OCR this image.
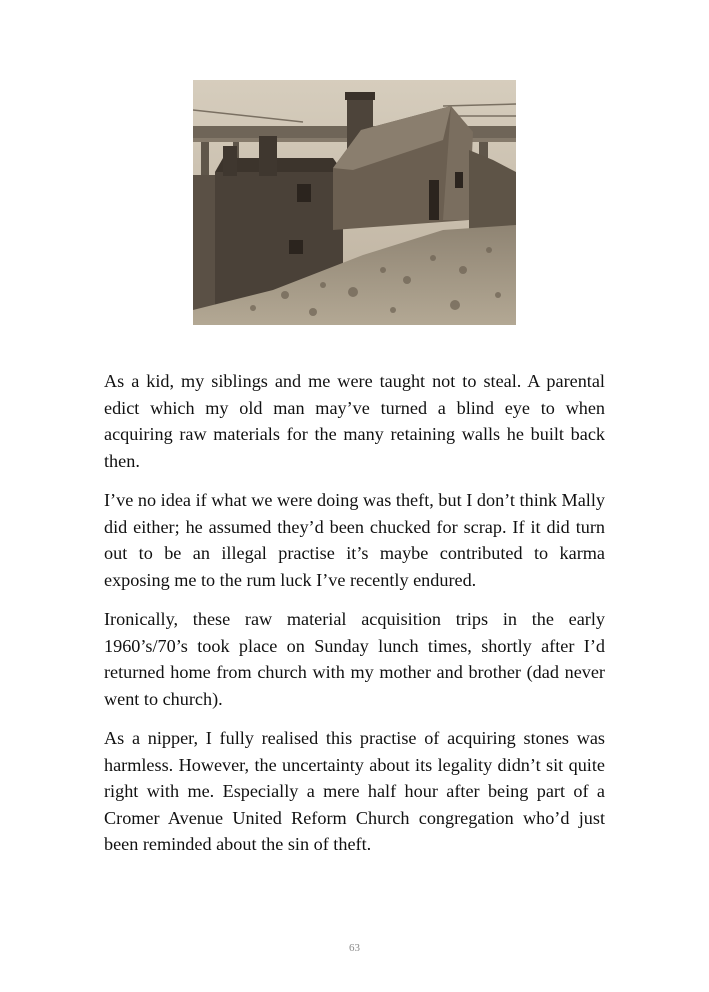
As a kid, my siblings and me were taught not to steal. A parental edict which my old man may’ve turned a blind eye to when acquiring raw materials for the many retaining walls he built back then.

I’ve no idea if what we were doing was theft, but I don’t think Mally did either; he assumed they’d been chucked for scrap. If it did turn out to be an illegal practise it’s maybe contributed to karma exposing me to the rum luck I’ve recently endured.

Ironically, these raw material acquisition trips in the early 1960’s/70’s took place on Sunday lunch times, shortly after I’d returned home from church with my mother and brother (dad never went to church).

As a nipper, I fully realised this practise of acquiring stones was harmless. However, the uncertainty about its legality didn’t sit quite right with me. Especially a mere half hour after being part of a Cromer Avenue United Reform Church congregation who’d just been reminded about the sin of theft.

63
